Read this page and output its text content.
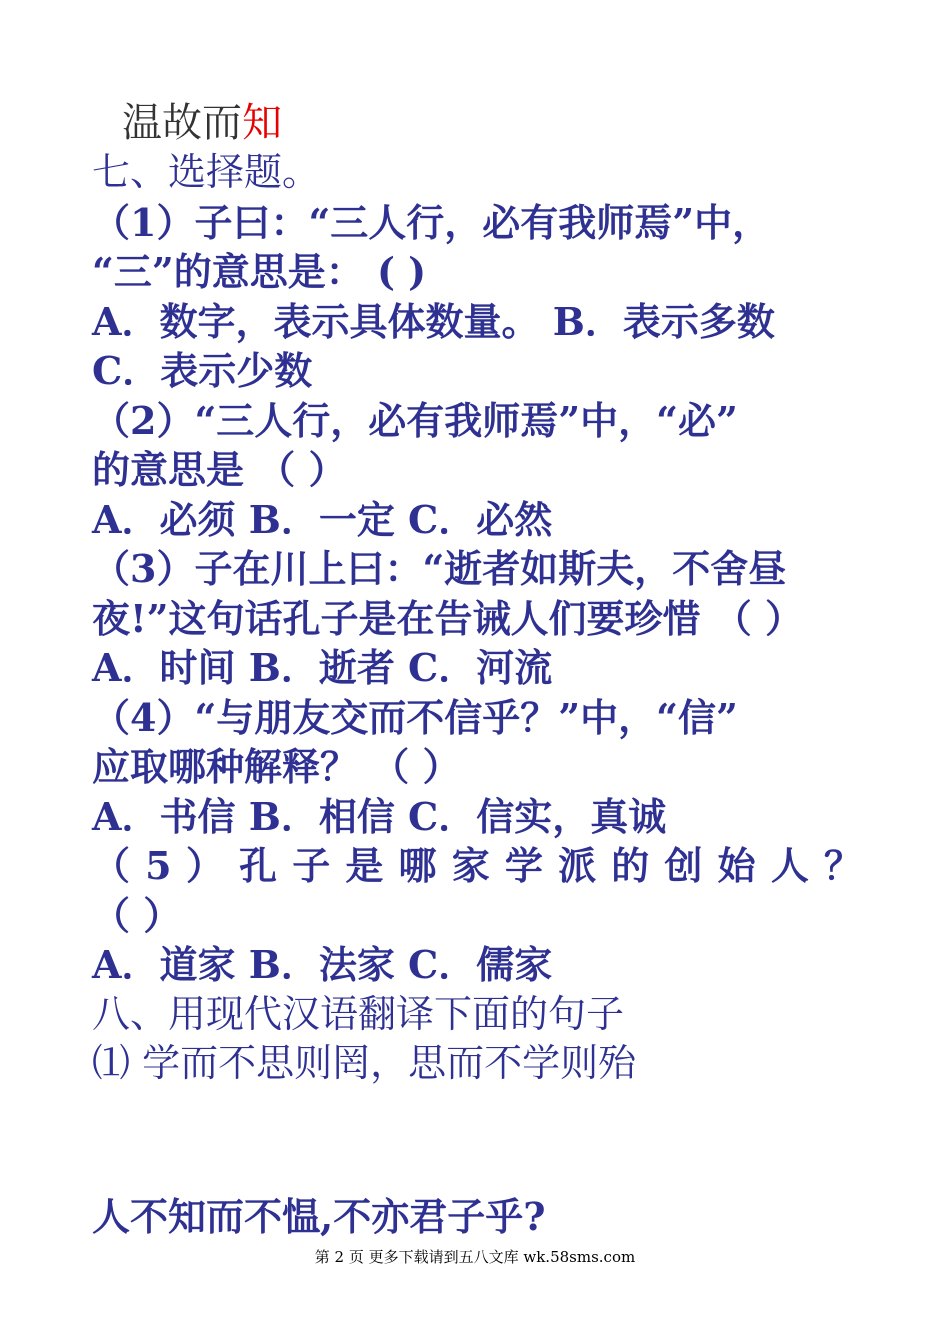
温故而知
七、选择题。
（1）子曰：“三人行，必有我师焉”中，
“三”的意思是： ( )
A．数字，表示具体数量。 B．表示多数
C．表示少数
（2）“三人行，必有我师焉”中，“必”
的意思是 （ ）
A．必须 B．一定 C．必然
（3）子在川上曰：“逝者如斯夫，不舍昼
夜!”这句话孔子是在告诫人们要珍惜 （ ）
A．时间 B．逝者 C．河流
（4）“与朋友交而不信乎？”中，“信”
应取哪种解释？ （ ）
A．书信 B．相信 C．信实，真诚
（ 5 ） 孔 子 是 哪 家 学 派 的 创 始 人 ？
（ ）
A．道家 B．法家 C．儒家
八、用现代汉语翻译下面的句子
⑴ 学而不思则罔，思而不学则殆
人不知而不愠,不亦君子乎?
第 2 页 更多下载请到五八文库 wk.58sms.com
